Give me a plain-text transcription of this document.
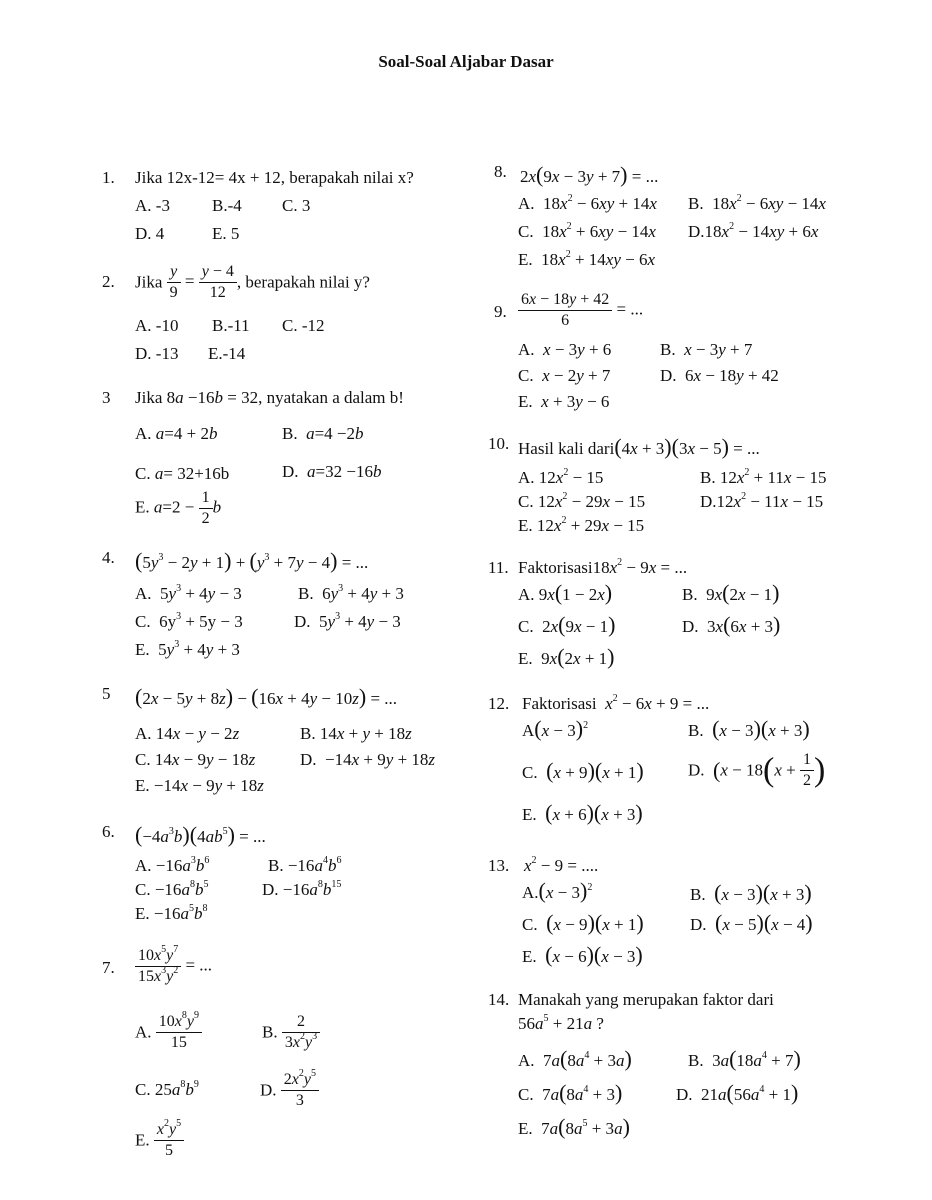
Soal-Soal Aljabar Dasar
1. Jika 12x-12= 4x + 12, berapakah nilai x?
A. -3 B.-4 C. 3
D. 4	E. 5
2. Jika $\frac{y}{9} = \frac{y - 4}{12}$ , berapakah nilai y?
A. -10 B.-11 C. -12
D. -13 E.-14
3 Jika 8a −16b = 32, nyatakan a dalam b!
A. a=4 + 2b	B. a=4 −2b
C. a= 32+16b	D. a=32 −16b
E. $a=2 - \frac{1}{2}$ b
4. $(5y^3 - 2y + 1) + (y^3 + 7y - 4)$ = ...
A.  $5y^3 + 4y - 3$	B.  $6y^3 + 4y + 3$
C.  $6y^3 + 5y - 3$	D.  $5y^3 + 4y - 3$
E.  $5y^3 + 4y + 3$
5 (2x − 5y + 8z) − (16x + 4y − 10z) = ...
A. 14x − y − 2z	B. 14x + y + 18z
C. 14x − 9y − 18z	D.  −14x + 9y + 18z
E. −14x − 9y + 18z
6. $(-4a^3b)(4ab^5)$ = ...
A. $-16a^3b^6$	B. $-16a^4b^6$
C. $-16a^8b^5$	D. $-16a^8b^{15}$
E. $-16a^5b^8$
7. $\frac{10x^5y^7}{15x^3y^2}$ = ...
A. $\frac{10x^8y^9}{15}$	B. $\frac{2}{3x^2y^3}$
C. $25a^8b^9$	D. $\frac{2x^2y^5}{3}$
E. $\frac{x^2y^5}{5}$
8. 2x(9x − 3y + 7) = ...
A.  $18x^2 - 6xy + 14x$ B.  $18x^2 - 6xy - 14x$
C.  $18x^2 + 6xy - 14x$ $D.18x^2 - 14xy + 6x$
E.  $18x^2 + 14xy - 6x$
9. $\frac{6x - 18y + 42}{6}$ = ...
A.  x − 3y + 6	B.  x − 3y + 7
C.  x − 2y + 7	D.  6x − 18y + 42
E.  x + 3y − 6
10. Hasil kali dari(4x + 3)(3x − 5) = ...
A. $12x^2 - 15$	B. $12x^2 + 11x - 15$
C. $12x^2 - 29x - 15$	$D.12x^2 - 11x - 15$
E. $12x^2 + 29x - 15$
11. $Faktorisasi18x^2 - 9x$ = ...
A. 9x(1 − 2x)	B.  9x(2x − 1)
C.  2x(9x − 1)	D.  3x(6x + 3)
E.  9x(2x + 1)
12. Faktorisasi $x^2 - 6x + 9$ = ...
$A(x - 3)^2$	B.  (x − 3)(x + 3)
C.  (x + 9)(x + 1)	D.  ($x - 18(x + \frac{1}{2}$ )
E.  (x + 6)(x + 3)
13. $x^2 - 9$ = ....
$A.(x - 3)^2$	B.  (x − 3)(x + 3)
C.  (x − 9)(x + 1)	D.  (x − 5)(x − 4)
E.  (x − 6)(x − 3)
14. Manakah yang merupakan faktor dari
$56a^5 + 21a$ ?
A.  $7a(8a^4 + 3a)$	B.  $3a(18a^4 + 7)$
C.  $7a(8a^4 + 3)$	D.  $21a(56a^4 + 1)$
E.  $7a(8a^5 + 3a)$
